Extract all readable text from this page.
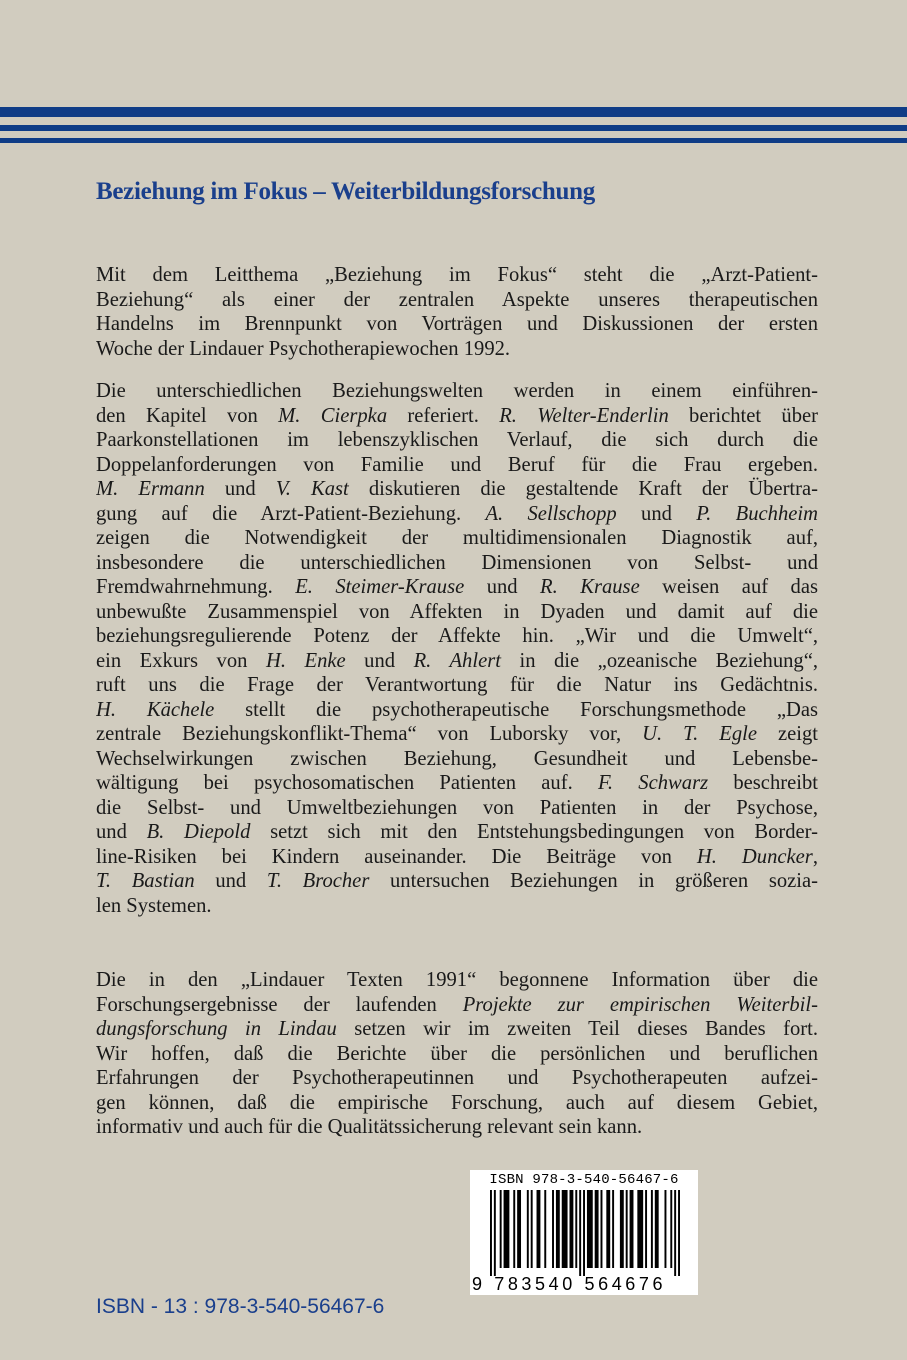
Beziehung im Fokus – Weiterbildungsforschung
Mit dem Leitthema „Beziehung im Fokus“ steht die „Arzt-Patient-
Beziehung“ als einer der zentralen Aspekte unseres therapeutischen
Handelns im Brennpunkt von Vorträgen und Diskussionen der ersten
Woche der Lindauer Psychotherapiewochen 1992.
Die unterschiedlichen Beziehungswelten werden in einem einführen-
den Kapitel von M. Cierpka referiert. R. Welter-Enderlin berichtet über
Paarkonstellationen im lebenszyklischen Verlauf, die sich durch die
Doppelanforderungen von Familie und Beruf für die Frau ergeben.
M. Ermann und V. Kast diskutieren die gestaltende Kraft der Übertra-
gung auf die Arzt-Patient-Beziehung. A. Sellschopp und P. Buchheim
zeigen die Notwendigkeit der multidimensionalen Diagnostik auf,
insbesondere die unterschiedlichen Dimensionen von Selbst- und
Fremdwahrnehmung. E. Steimer-Krause und R. Krause weisen auf das
unbewußte Zusammenspiel von Affekten in Dyaden und damit auf die
beziehungsregulierende Potenz der Affekte hin. „Wir und die Umwelt“,
ein Exkurs von H. Enke und R. Ahlert in die „ozeanische Beziehung“,
ruft uns die Frage der Verantwortung für die Natur ins Gedächtnis.
H. Kächele stellt die psychotherapeutische Forschungsmethode „Das
zentrale Beziehungskonflikt-Thema“ von Luborsky vor, U. T. Egle zeigt
Wechselwirkungen zwischen Beziehung, Gesundheit und Lebensbe-
wältigung bei psychosomatischen Patienten auf. F. Schwarz beschreibt
die Selbst- und Umweltbeziehungen von Patienten in der Psychose,
und B. Diepold setzt sich mit den Entstehungsbedingungen von Border-
line-Risiken bei Kindern auseinander. Die Beiträge von H. Duncker,
T. Bastian und T. Brocher untersuchen Beziehungen in größeren sozia-
len Systemen.
Die in den „Lindauer Texten 1991“ begonnene Information über die
Forschungsergebnisse der laufenden Projekte zur empirischen Weiterbil-
dungsforschung in Lindau setzen wir im zweiten Teil dieses Bandes fort.
Wir hoffen, daß die Berichte über die persönlichen und beruflichen
Erfahrungen der Psychotherapeutinnen und Psychotherapeuten aufzei-
gen können, daß die empirische Forschung, auch auf diesem Gebiet,
informativ und auch für die Qualitätssicherung relevant sein kann.
ISBN 978-3-540-56467-6
9 783540 564676
ISBN - 13 : 978-3-540-56467-6
